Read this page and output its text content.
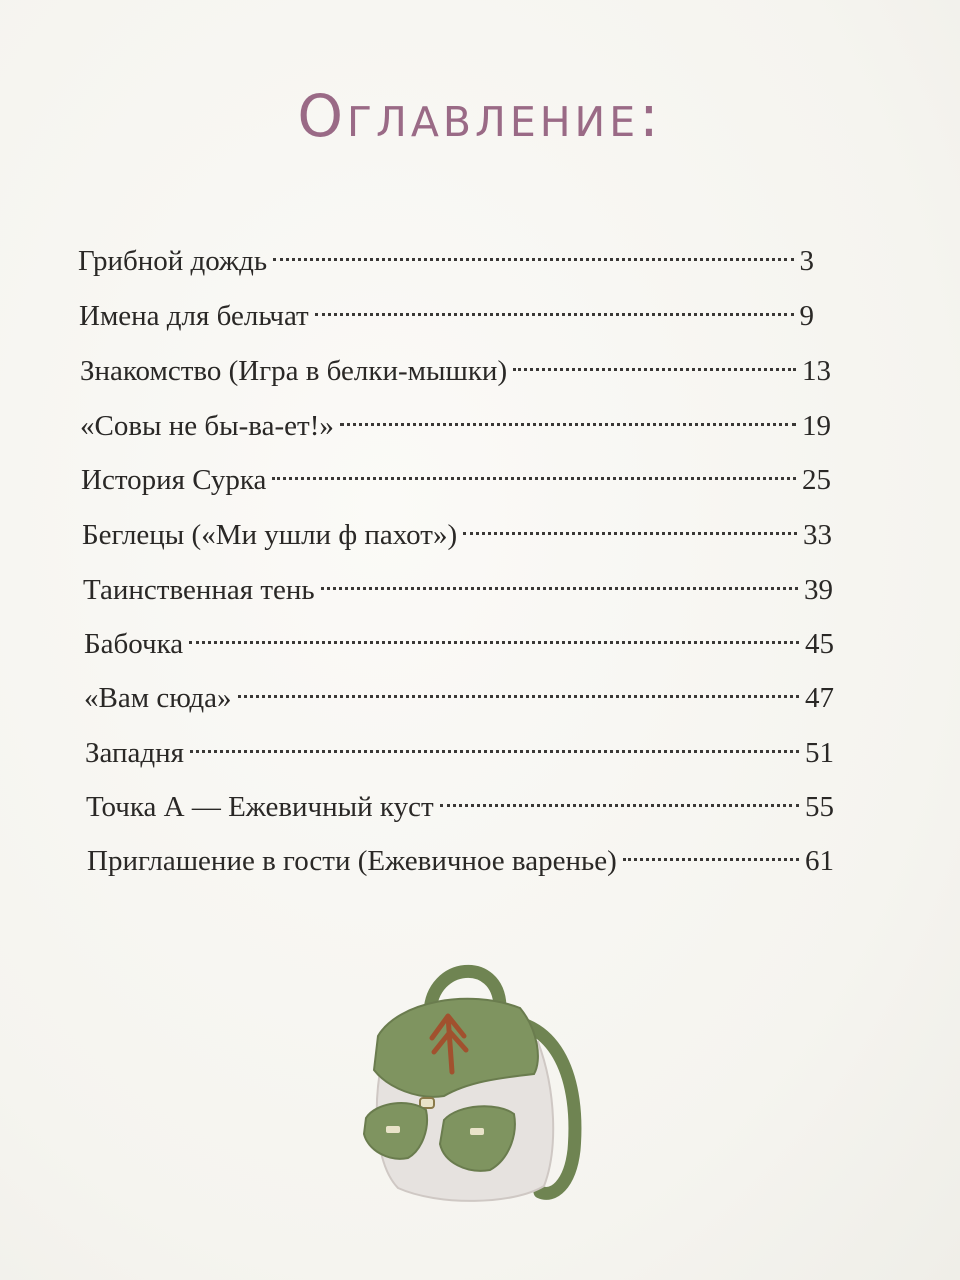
Оглавление:
Грибной дождь	3
Имена для бельчат	9
Знакомство (Игра в белки-мышки)	13
«Совы не бы-ва-ет!»	19
История Сурка	25
Беглецы («Ми ушли ф пахот»)	33
Таинственная тень	39
Бабочка	45
«Вам сюда»	47
Западня	51
Точка А — Ежевичный куст	55
Приглашение в гости (Ежевичное варенье)	61
